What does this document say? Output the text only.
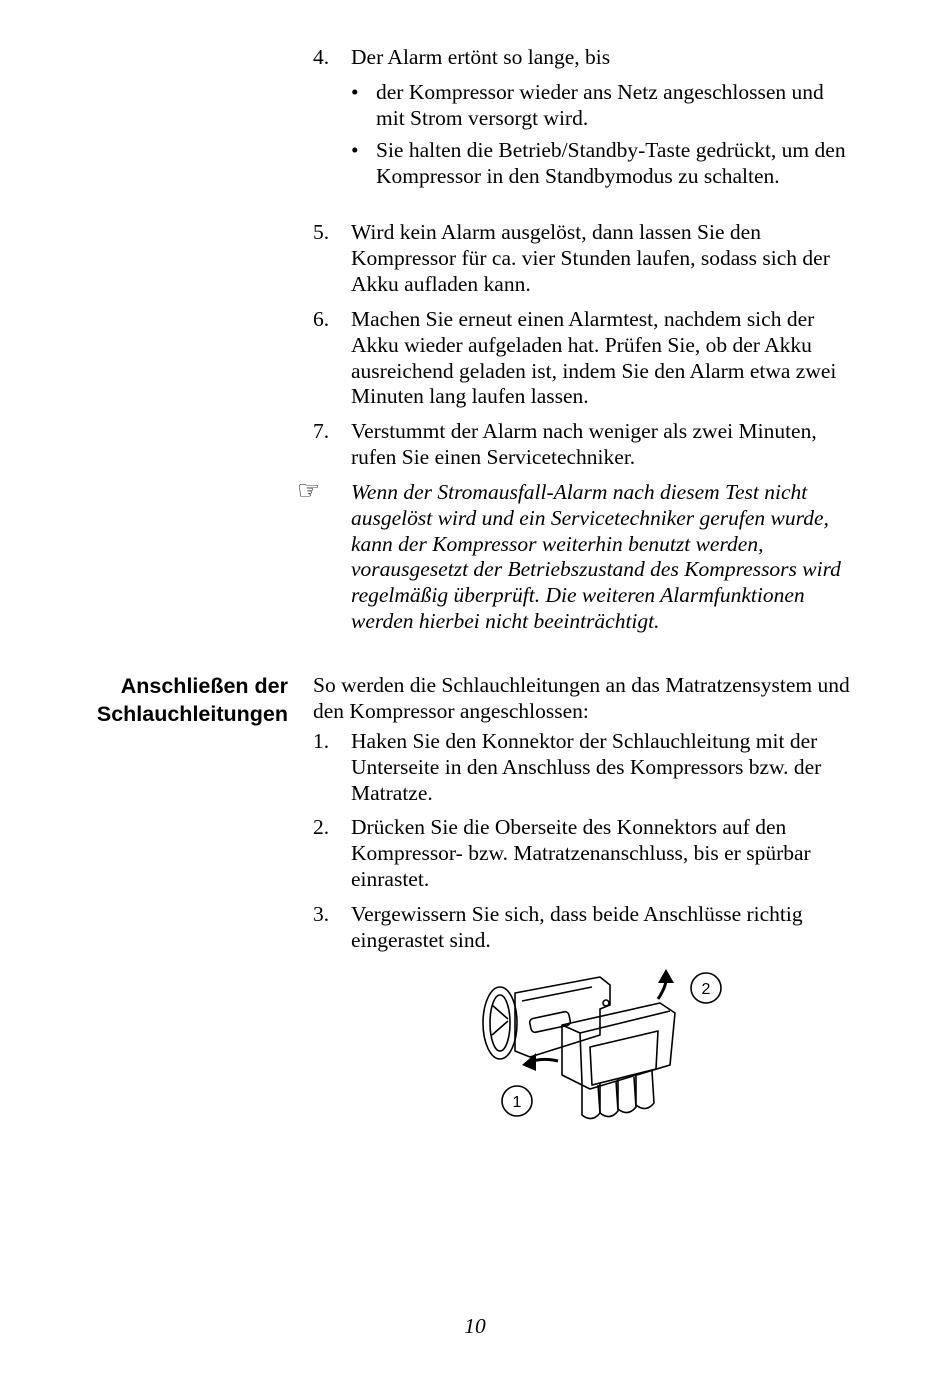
4.	Der Alarm ertönt so lange, bis
• der Kompressor wieder ans Netz angeschlossen und mit Strom versorgt wird.
• Sie halten die Betrieb/Standby-Taste gedrückt, um den Kompressor in den Standbymodus zu schalten.
5.	Wird kein Alarm ausgelöst, dann lassen Sie den Kompressor für ca. vier Stunden laufen, sodass sich der Akku aufladen kann.
6.	Machen Sie erneut einen Alarmtest, nachdem sich der Akku wieder aufgeladen hat. Prüfen Sie, ob der Akku ausreichend geladen ist, indem Sie den Alarm etwa zwei Minuten lang laufen lassen.
7.	Verstummt der Alarm nach weniger als zwei Minuten, rufen Sie einen Servicetechniker.
☞ Wenn der Stromausfall-Alarm nach diesem Test nicht ausgelöst wird und ein Servicetechniker gerufen wurde, kann der Kompressor weiterhin benutzt werden, vorausgesetzt der Betriebszustand des Kompressors wird regelmäßig überprüft. Die weiteren Alarmfunktionen werden hierbei nicht beeinträchtigt.
Anschließen der
Schlauchleitungen
So werden die Schlauchleitungen an das Matratzensystem und den Kompressor angeschlossen:
1.	Haken Sie den Konnektor der Schlauchleitung mit der Unterseite in den Anschluss des Kompressors bzw. der Matratze.
2.	Drücken Sie die Oberseite des Konnektors auf den Kompressor- bzw. Matratzenanschluss, bis er spürbar einrastet.
3.	Vergewissern Sie sich, dass beide Anschlüsse richtig eingerastet sind.
1
2
10
